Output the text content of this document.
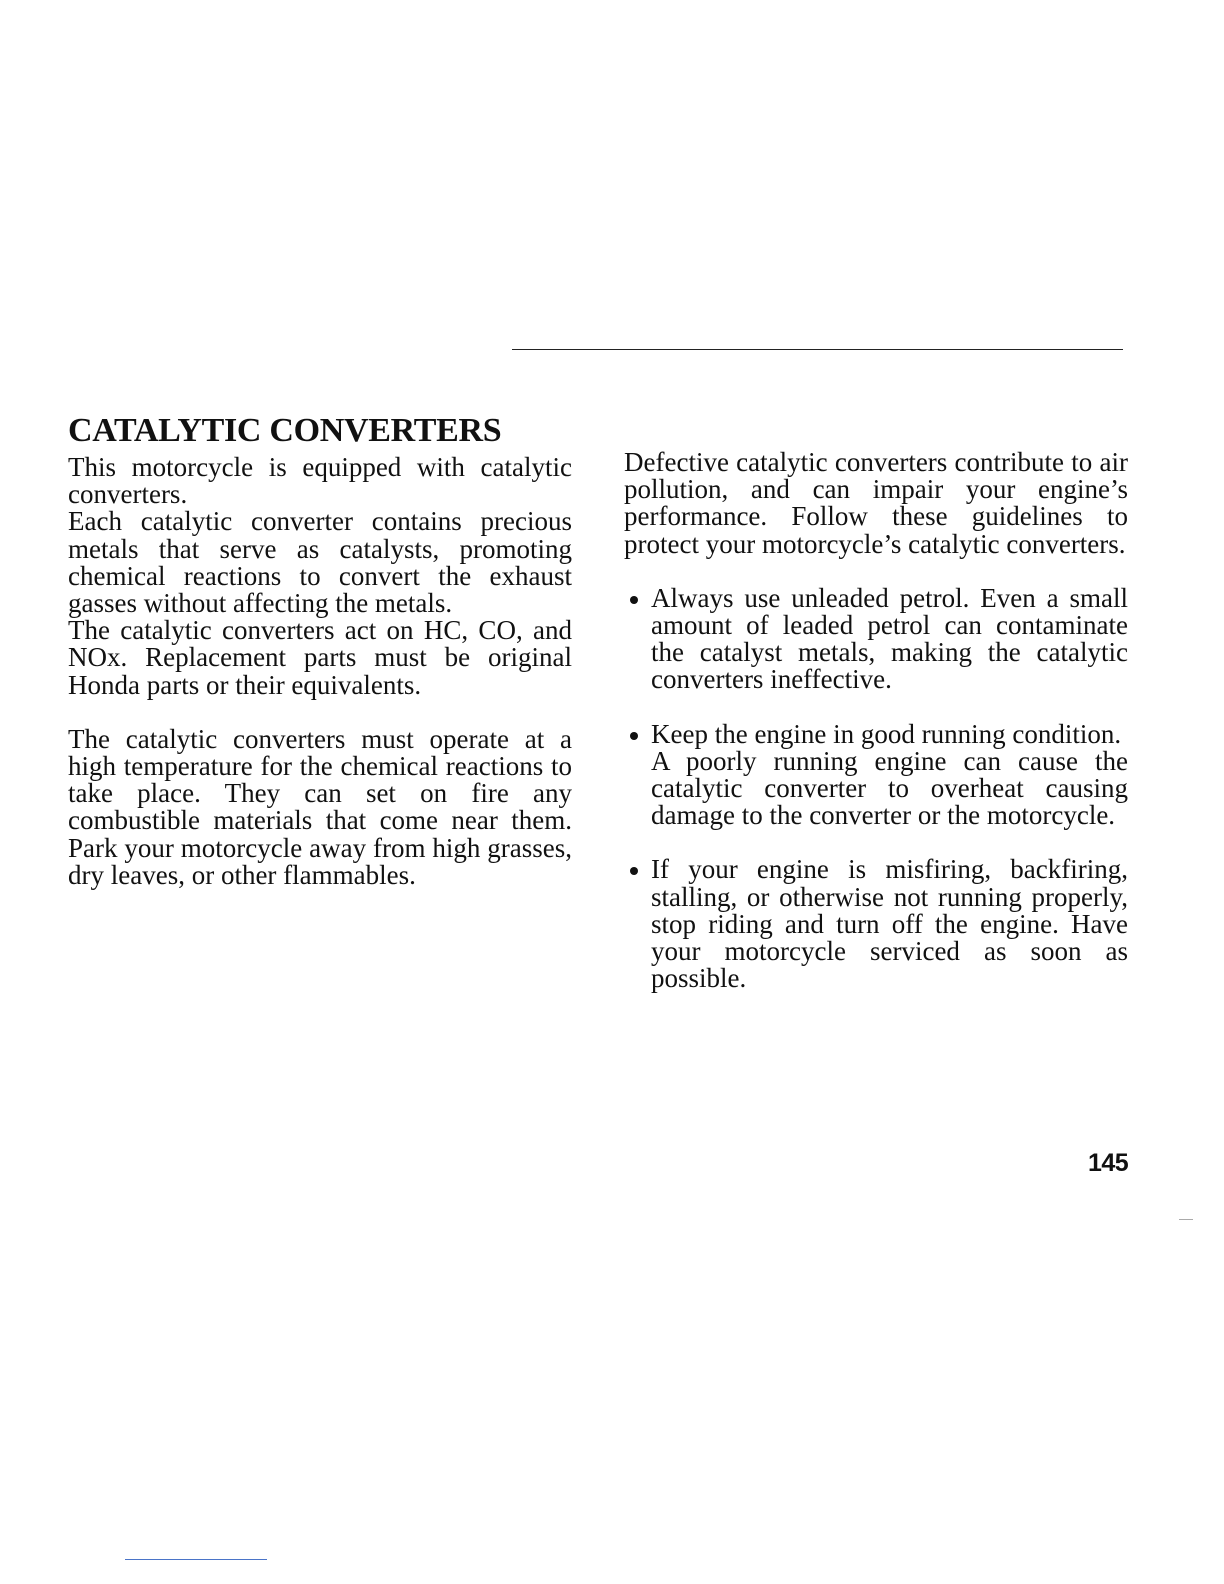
CATALYTIC CONVERTERS

This motorcycle is equipped with catalytic converters.

Each catalytic converter contains precious metals that serve as catalysts, promoting chemical reactions to convert the exhaust gasses without affecting the metals.

The catalytic converters act on HC, CO, and NOx. Replacement parts must be original Honda parts or their equivalents.

The catalytic converters must operate at a high temperature for the chemical reactions to take place. They can set on fire any combustible materials that come near them. Park your motorcycle away from high grasses, dry leaves, or other flammables.

Defective catalytic converters contribute to air pollution, and can impair your engine’s performance. Follow these guidelines to protect your motorcycle’s catalytic converters.

Always use unleaded petrol. Even a small amount of leaded petrol can contaminate the catalyst metals, making the catalytic converters ineffective.
Keep the engine in good running condition.
A poorly running engine can cause the catalytic converter to overheat causing damage to the converter or the motorcycle.
If your engine is misfiring, backfiring, stalling, or otherwise not running properly, stop riding and turn off the engine. Have your motorcycle serviced as soon as possible.
145
